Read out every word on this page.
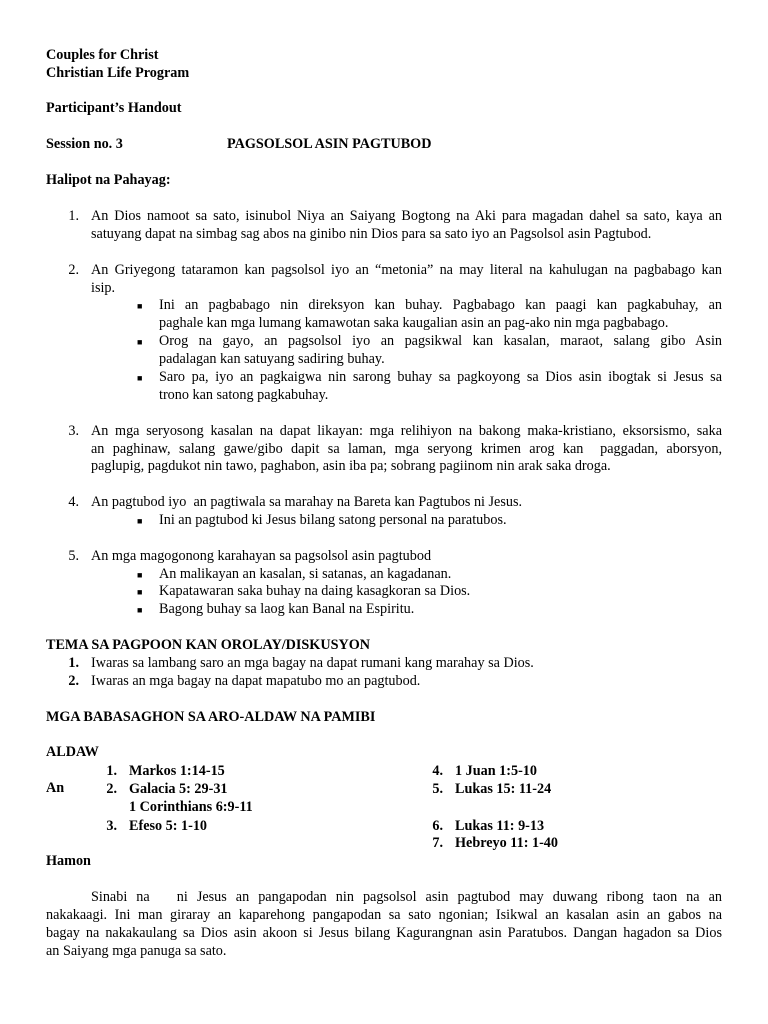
Couples for Christ
Christian Life Program
Participant’s Handout
Session no. 3	PAGSOLSOL ASIN PAGTUBOD
Halipot na Pahayag:
1. An Dios namoot sa sato, isinubol Niya an Saiyang Bogtong na Aki para magadan dahel sa sato, kaya an
satuyang dapat na simbag sag abos na ginibo nin Dios para sa sato iyo an Pagsolsol asin Pagtubod.
2. An Griyegong tataramon kan pagsolsol iyo an “metonia” na may literal na kahulugan na pagbabago kan
isip.
■ Ini an pagbabago nin direksyon kan buhay. Pagbabago kan paagi kan pagkabuhay, an
paghale kan mga lumang kamawotan saka kaugalian asin an pag-ako nin mga pagbabago.
■ Orog na gayo, an pagsolsol iyo an pagsikwal kan kasalan, maraot, salang gibo Asin
padalagan kan satuyang sadiring buhay.
■ Saro pa, iyo an pagkaigwa nin sarong buhay sa pagkoyong sa Dios asin ibogtak si Jesus sa
trono kan satong pagkabuhay.
3. An mga seryosong kasalan na dapat likayan: mga relihiyon na bakong maka-kristiano, eksorsismo, saka
an paghinaw, salang gawe/gibo dapit sa laman, mga seryong krimen arog kan  paggadan, aborsyon,
paglupig, pagdukot nin tawo, paghabon, asin iba pa; sobrang pagiinom nin arak saka droga.
4. An pagtubod iyo  an pagtiwala sa marahay na Bareta kan Pagtubos ni Jesus.
■ Ini an pagtubod ki Jesus bilang satong personal na paratubos.
5. An mga magogonong karahayan sa pagsolsol asin pagtubod
■ An malikayan an kasalan, si satanas, an kagadanan.
■ Kapatawaran saka buhay na daing kasagkoran sa Dios.
■ Bagong buhay sa laog kan Banal na Espiritu.
TEMA SA PAGPOON KAN OROLAY/DISKUSYON
1. Iwaras sa lambang saro an mga bagay na dapat rumani kang marahay sa Dios.
2. Iwaras an mga bagay na dapat mapatubo mo an pagtubod.
MGA BABASAGHON SA ARO-ALDAW NA PAMIBI
ALDAW
An
1. Markos 1:14-15
2. Galacia 5: 29-31
1 Corinthians 6:9-11
3. Efeso 5: 1-10
4. 1 Juan 1:5-10
5. Lukas 15: 11-24
6. Lukas 11: 9-13
7. Hebreyo 11: 1-40
Hamon
Sinabi na   ni Jesus an pangapodan nin pagsolsol asin pagtubod may duwang ribong taon na an
nakakaagi. Ini man giraray an kaparehong pangapodan sa sato ngonian; Isikwal an kasalan asin an gabos na
bagay na nakakaulang sa Dios asin akoon si Jesus bilang Kagurangnan asin Paratubos. Dangan hagadon sa Dios
an Saiyang mga panuga sa sato.
